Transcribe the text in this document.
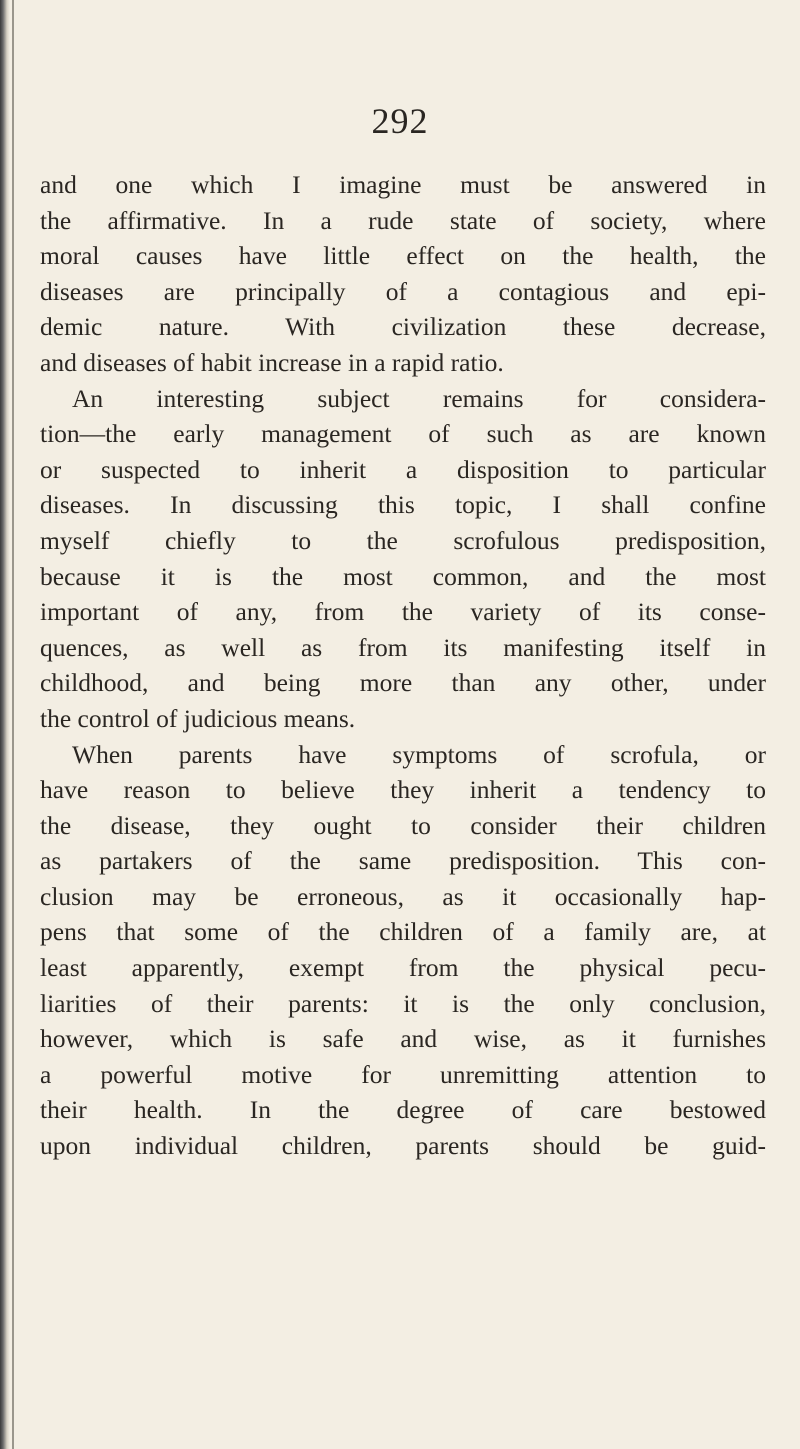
292
and one which I imagine must be answered in
the affirmative. In a rude state of society, where
moral causes have little effect on the health, the
diseases are principally of a contagious and epi-
demic nature. With civilization these decrease,
and diseases of habit increase in a rapid ratio.
An interesting subject remains for considera-
tion—the early management of such as are known
or suspected to inherit a disposition to particular
diseases. In discussing this topic, I shall confine
myself chiefly to the scrofulous predisposition,
because it is the most common, and the most
important of any, from the variety of its conse-
quences, as well as from its manifesting itself in
childhood, and being more than any other, under
the control of judicious means.
When parents have symptoms of scrofula, or
have reason to believe they inherit a tendency to
the disease, they ought to consider their children
as partakers of the same predisposition. This con-
clusion may be erroneous, as it occasionally hap-
pens that some of the children of a family are, at
least apparently, exempt from the physical pecu-
liarities of their parents: it is the only conclusion,
however, which is safe and wise, as it furnishes
a powerful motive for unremitting attention to
their health. In the degree of care bestowed
upon individual children, parents should be guid-
